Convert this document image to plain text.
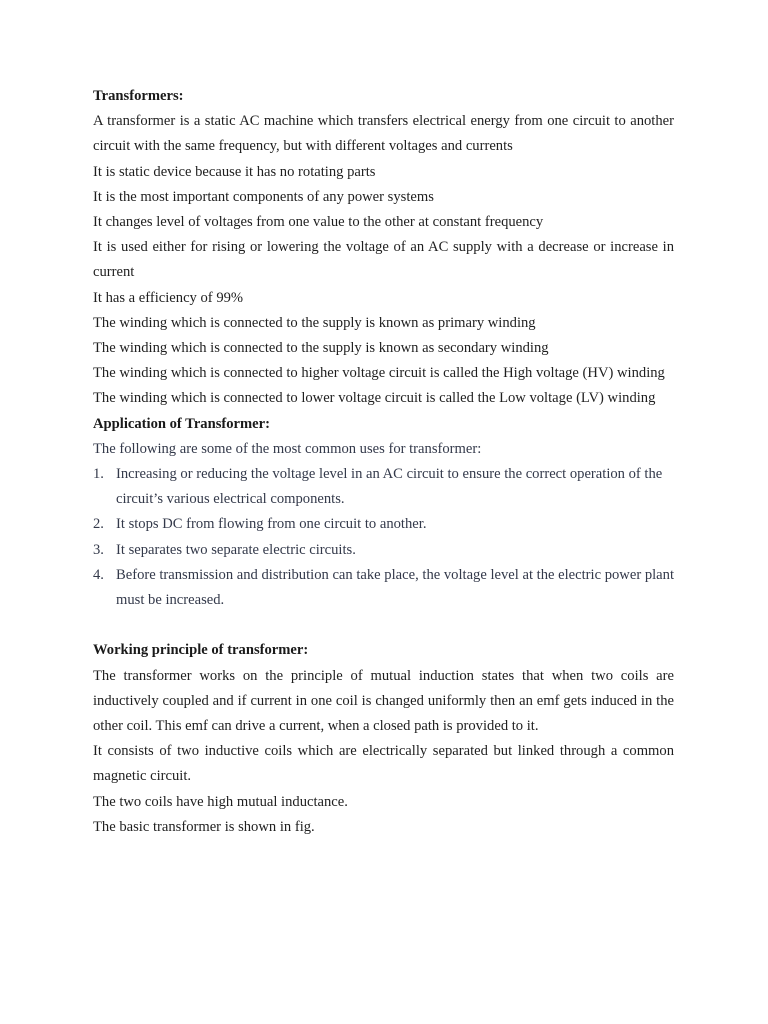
Transformers:

A transformer is a static AC machine which transfers electrical energy from one circuit to another circuit with the same frequency, but with different voltages and currents

It is static device because it has no rotating parts

It is the most important components of any power systems

It changes level of voltages from one value to the other at constant frequency

It is used either for rising or lowering the voltage of an AC supply with a decrease or increase in current

It has a efficiency of 99%

The winding which is connected to the supply is known as primary winding

The winding which is connected to the supply is known as secondary winding

The winding which is connected to higher voltage circuit is called the High voltage (HV) winding

The winding which is connected to lower voltage circuit is called the Low voltage (LV) winding

Application of Transformer:

The following are some of the most common uses for transformer:

1. Increasing or reducing the voltage level in an AC circuit to ensure the correct operation of the circuit’s various electrical components.
2. It stops DC from flowing from one circuit to another.
3. It separates two separate electric circuits.
4. Before transmission and distribution can take place, the voltage level at the electric power plant must be increased.

Working principle of transformer:

The transformer works on the principle of mutual induction states that when two coils are inductively coupled and if current in one coil is changed uniformly then an emf gets induced in the other coil. This emf can drive a current, when a closed path is provided to it.

It consists of two inductive coils which are electrically separated but linked through a common magnetic circuit.

The two coils have high mutual inductance.

The basic transformer is shown in fig.
